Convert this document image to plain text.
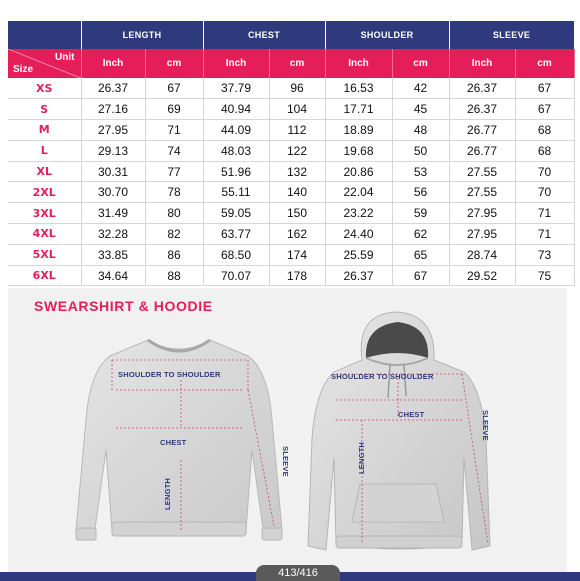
	LENGTH		CHEST		SHOULDER		SLEEVE	

Unit
Size	Inch	cm	Inch	cm	Inch	cm	Inch	cm
XS	26.37	67	37.79	96	16.53	42	26.37	67
S	27.16	69	40.94	104	17.71	45	26.37	67
M	27.95	71	44.09	112	18.89	48	26.77	68
L	29.13	74	48.03	122	19.68	50	26.77	68
XL	30.31	77	51.96	132	20.86	53	27.55	70
2XL	30.70	78	55.11	140	22.04	56	27.55	70
3XL	31.49	80	59.05	150	23.22	59	27.95	71
4XL	32.28	82	63.77	162	24.40	62	27.95	71
5XL	33.85	86	68.50	174	25.59	65	28.74	73
6XL	34.64	88	70.07	178	26.37	67	29.52	75
SWEARSHIRT & HOODIE
SHOULDER TO SHOULDER
CHEST
LENGTH
SLEEVE
SHOULDER TO SHOULDER
CHEST
LENGTH
SLEEVE
413/416
